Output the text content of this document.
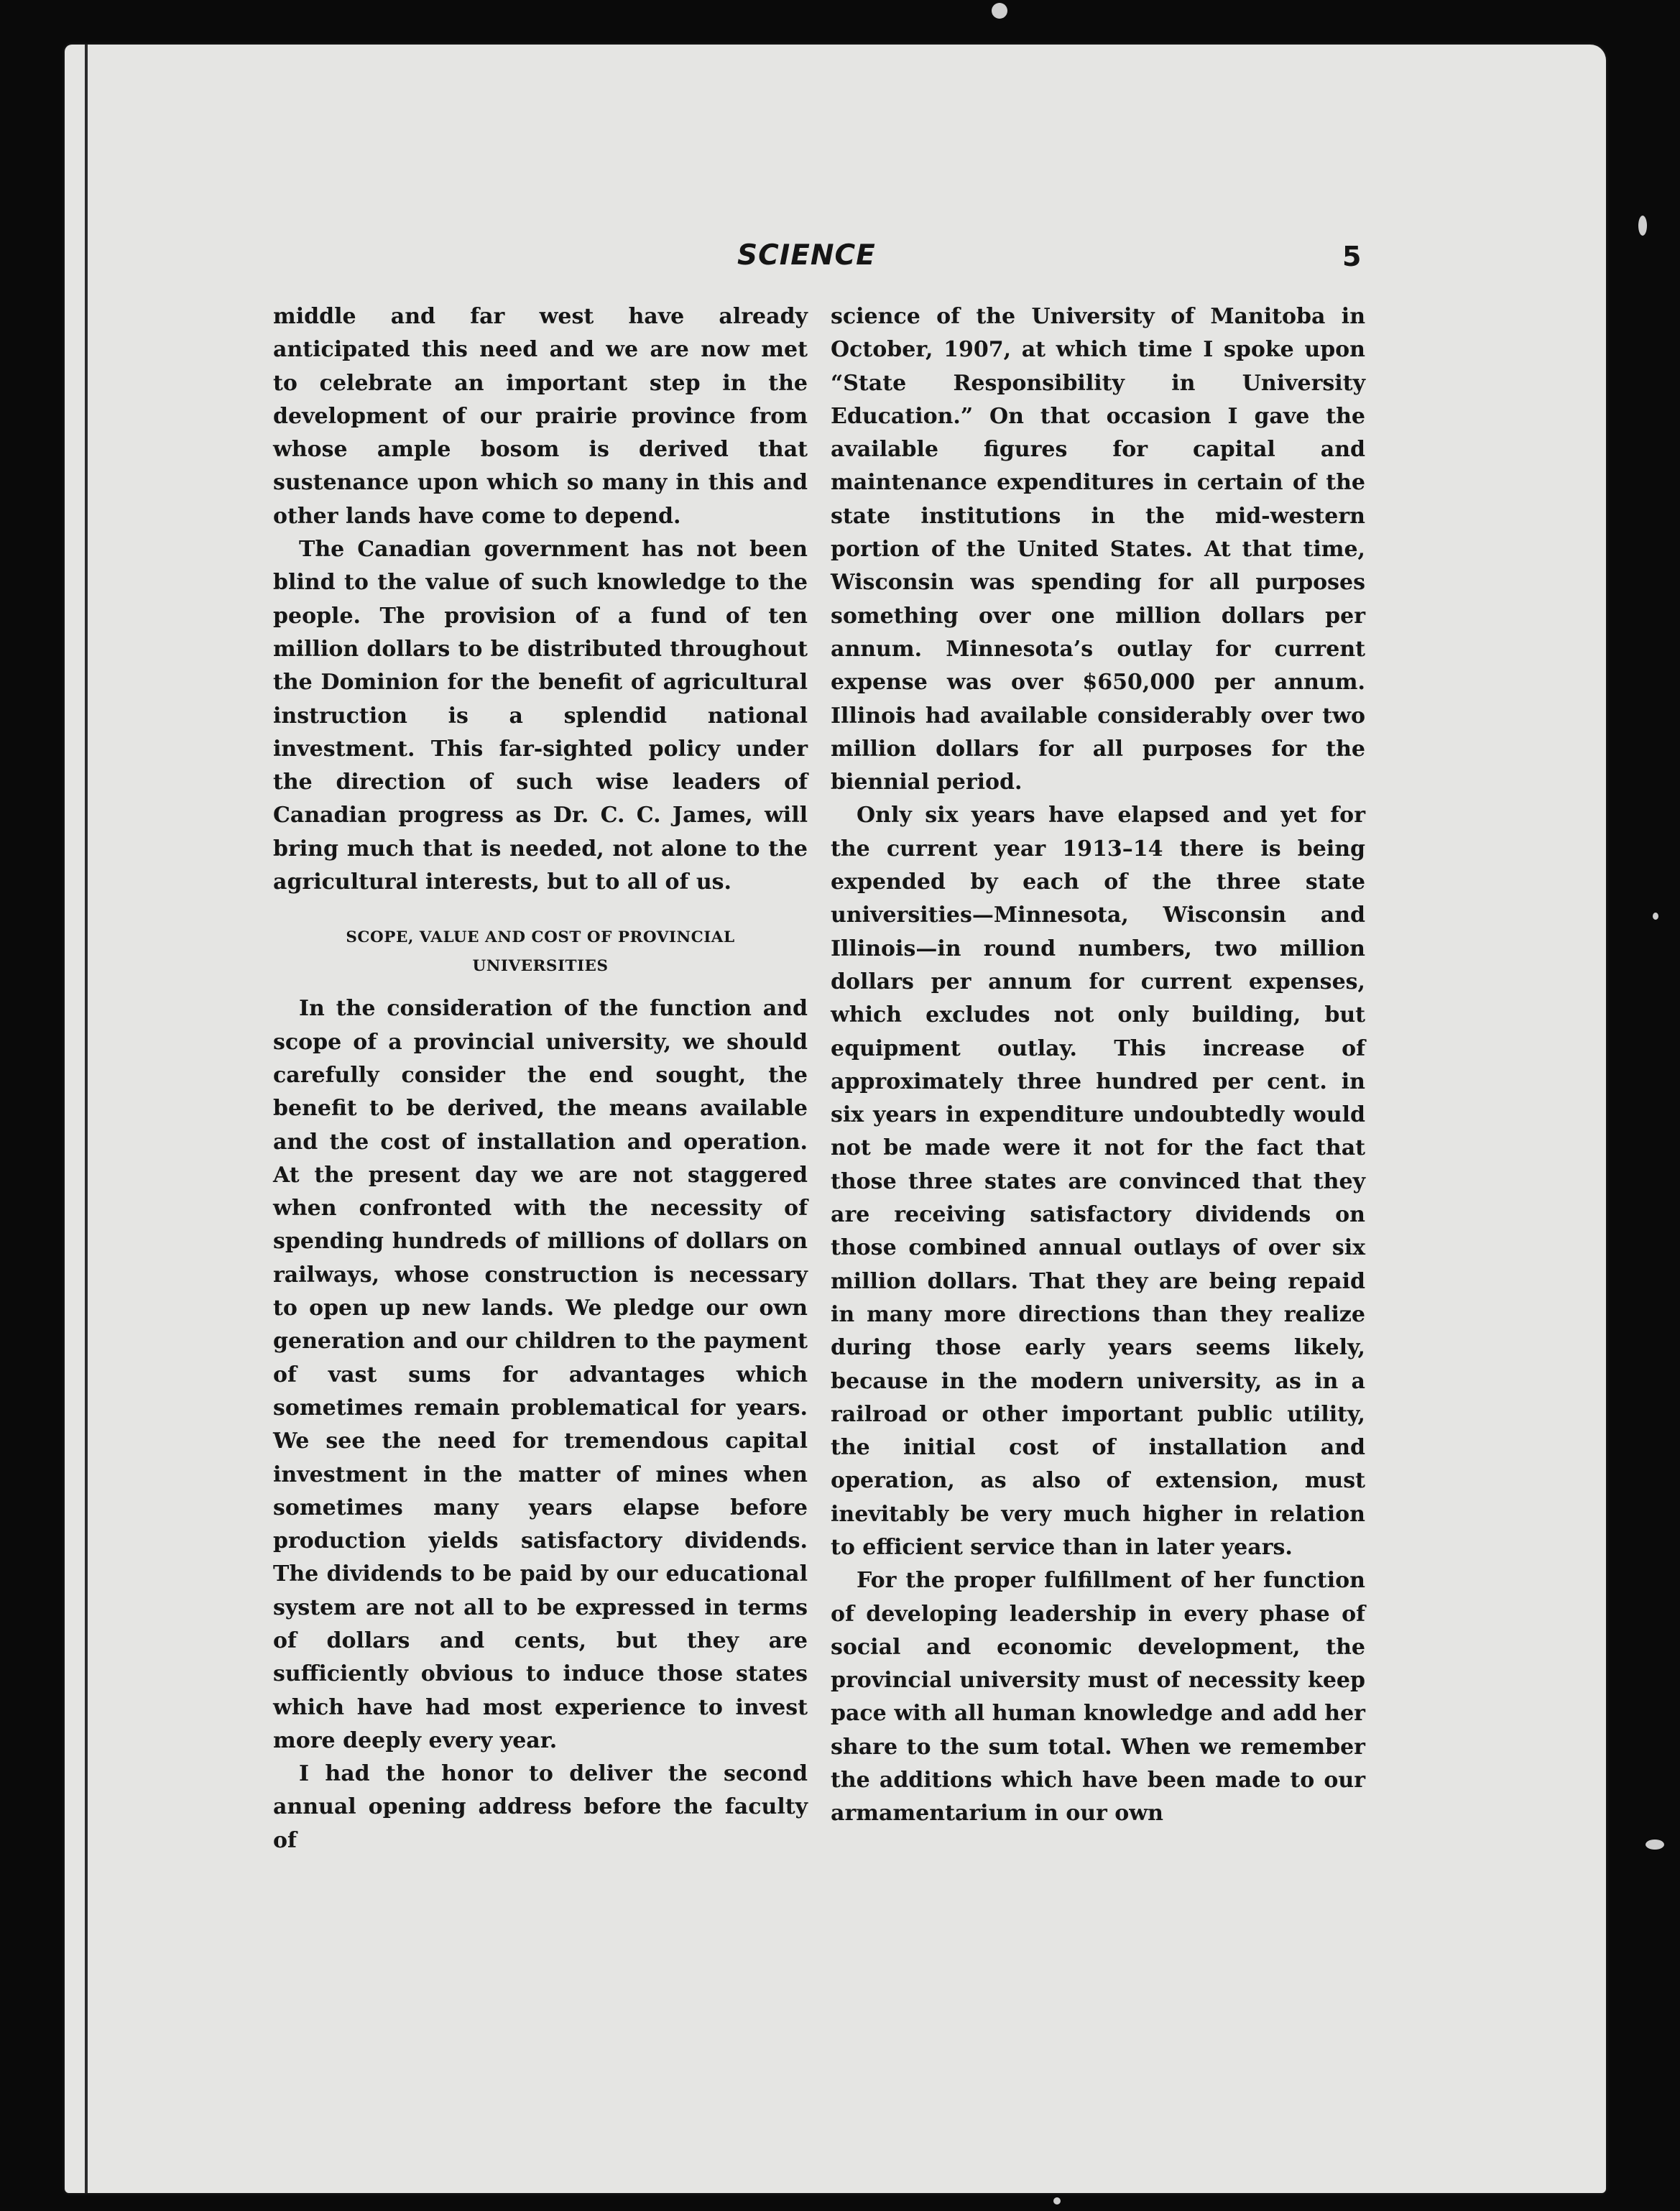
SCIENCE	5

middle and far west have already anticipated this need and we are now met to celebrate an important step in the development of our prairie province from whose ample bosom is derived that sustenance upon which so many in this and other lands have come to depend.

The Canadian government has not been blind to the value of such knowledge to the people. The provision of a fund of ten million dollars to be distributed throughout the Dominion for the benefit of agricultural instruction is a splendid national investment. This far-sighted policy under the direction of such wise leaders of Canadian progress as Dr. C. C. James, will bring much that is needed, not alone to the agricultural interests, but to all of us.

SCOPE, VALUE AND COST OF PROVINCIAL
UNIVERSITIES

In the consideration of the function and scope of a provincial university, we should carefully consider the end sought, the benefit to be derived, the means available and the cost of installation and operation. At the present day we are not staggered when confronted with the necessity of spending hundreds of millions of dollars on railways, whose construction is necessary to open up new lands. We pledge our own generation and our children to the payment of vast sums for advantages which sometimes remain problematical for years. We see the need for tremendous capital investment in the matter of mines when sometimes many years elapse before production yields satisfactory dividends. The dividends to be paid by our educational system are not all to be expressed in terms of dollars and cents, but they are sufficiently obvious to induce those states which have had most experience to invest more deeply every year.

I had the honor to deliver the second annual opening address before the faculty of

science of the University of Manitoba in October, 1907, at which time I spoke upon “State Responsibility in University Education.” On that occasion I gave the available figures for capital and maintenance expenditures in certain of the state institutions in the mid-western portion of the United States. At that time, Wisconsin was spending for all purposes something over one million dollars per annum. Minnesota’s outlay for current expense was over $650,000 per annum. Illinois had available considerably over two million dollars for all purposes for the biennial period.

Only six years have elapsed and yet for the current year 1913–14 there is being expended by each of the three state universities—Minnesota, Wisconsin and Illinois—in round numbers, two million dollars per annum for current expenses, which excludes not only building, but equipment outlay. This increase of approximately three hundred per cent. in six years in expenditure undoubtedly would not be made were it not for the fact that those three states are convinced that they are receiving satisfactory dividends on those combined annual outlays of over six million dollars. That they are being repaid in many more directions than they realize during those early years seems likely, because in the modern university, as in a railroad or other important public utility, the initial cost of installation and operation, as also of extension, must inevitably be very much higher in relation to efficient service than in later years.

For the proper fulfillment of her function of developing leadership in every phase of social and economic development, the provincial university must of necessity keep pace with all human knowledge and add her share to the sum total. When we remember the additions which have been made to our armamentarium in our own
